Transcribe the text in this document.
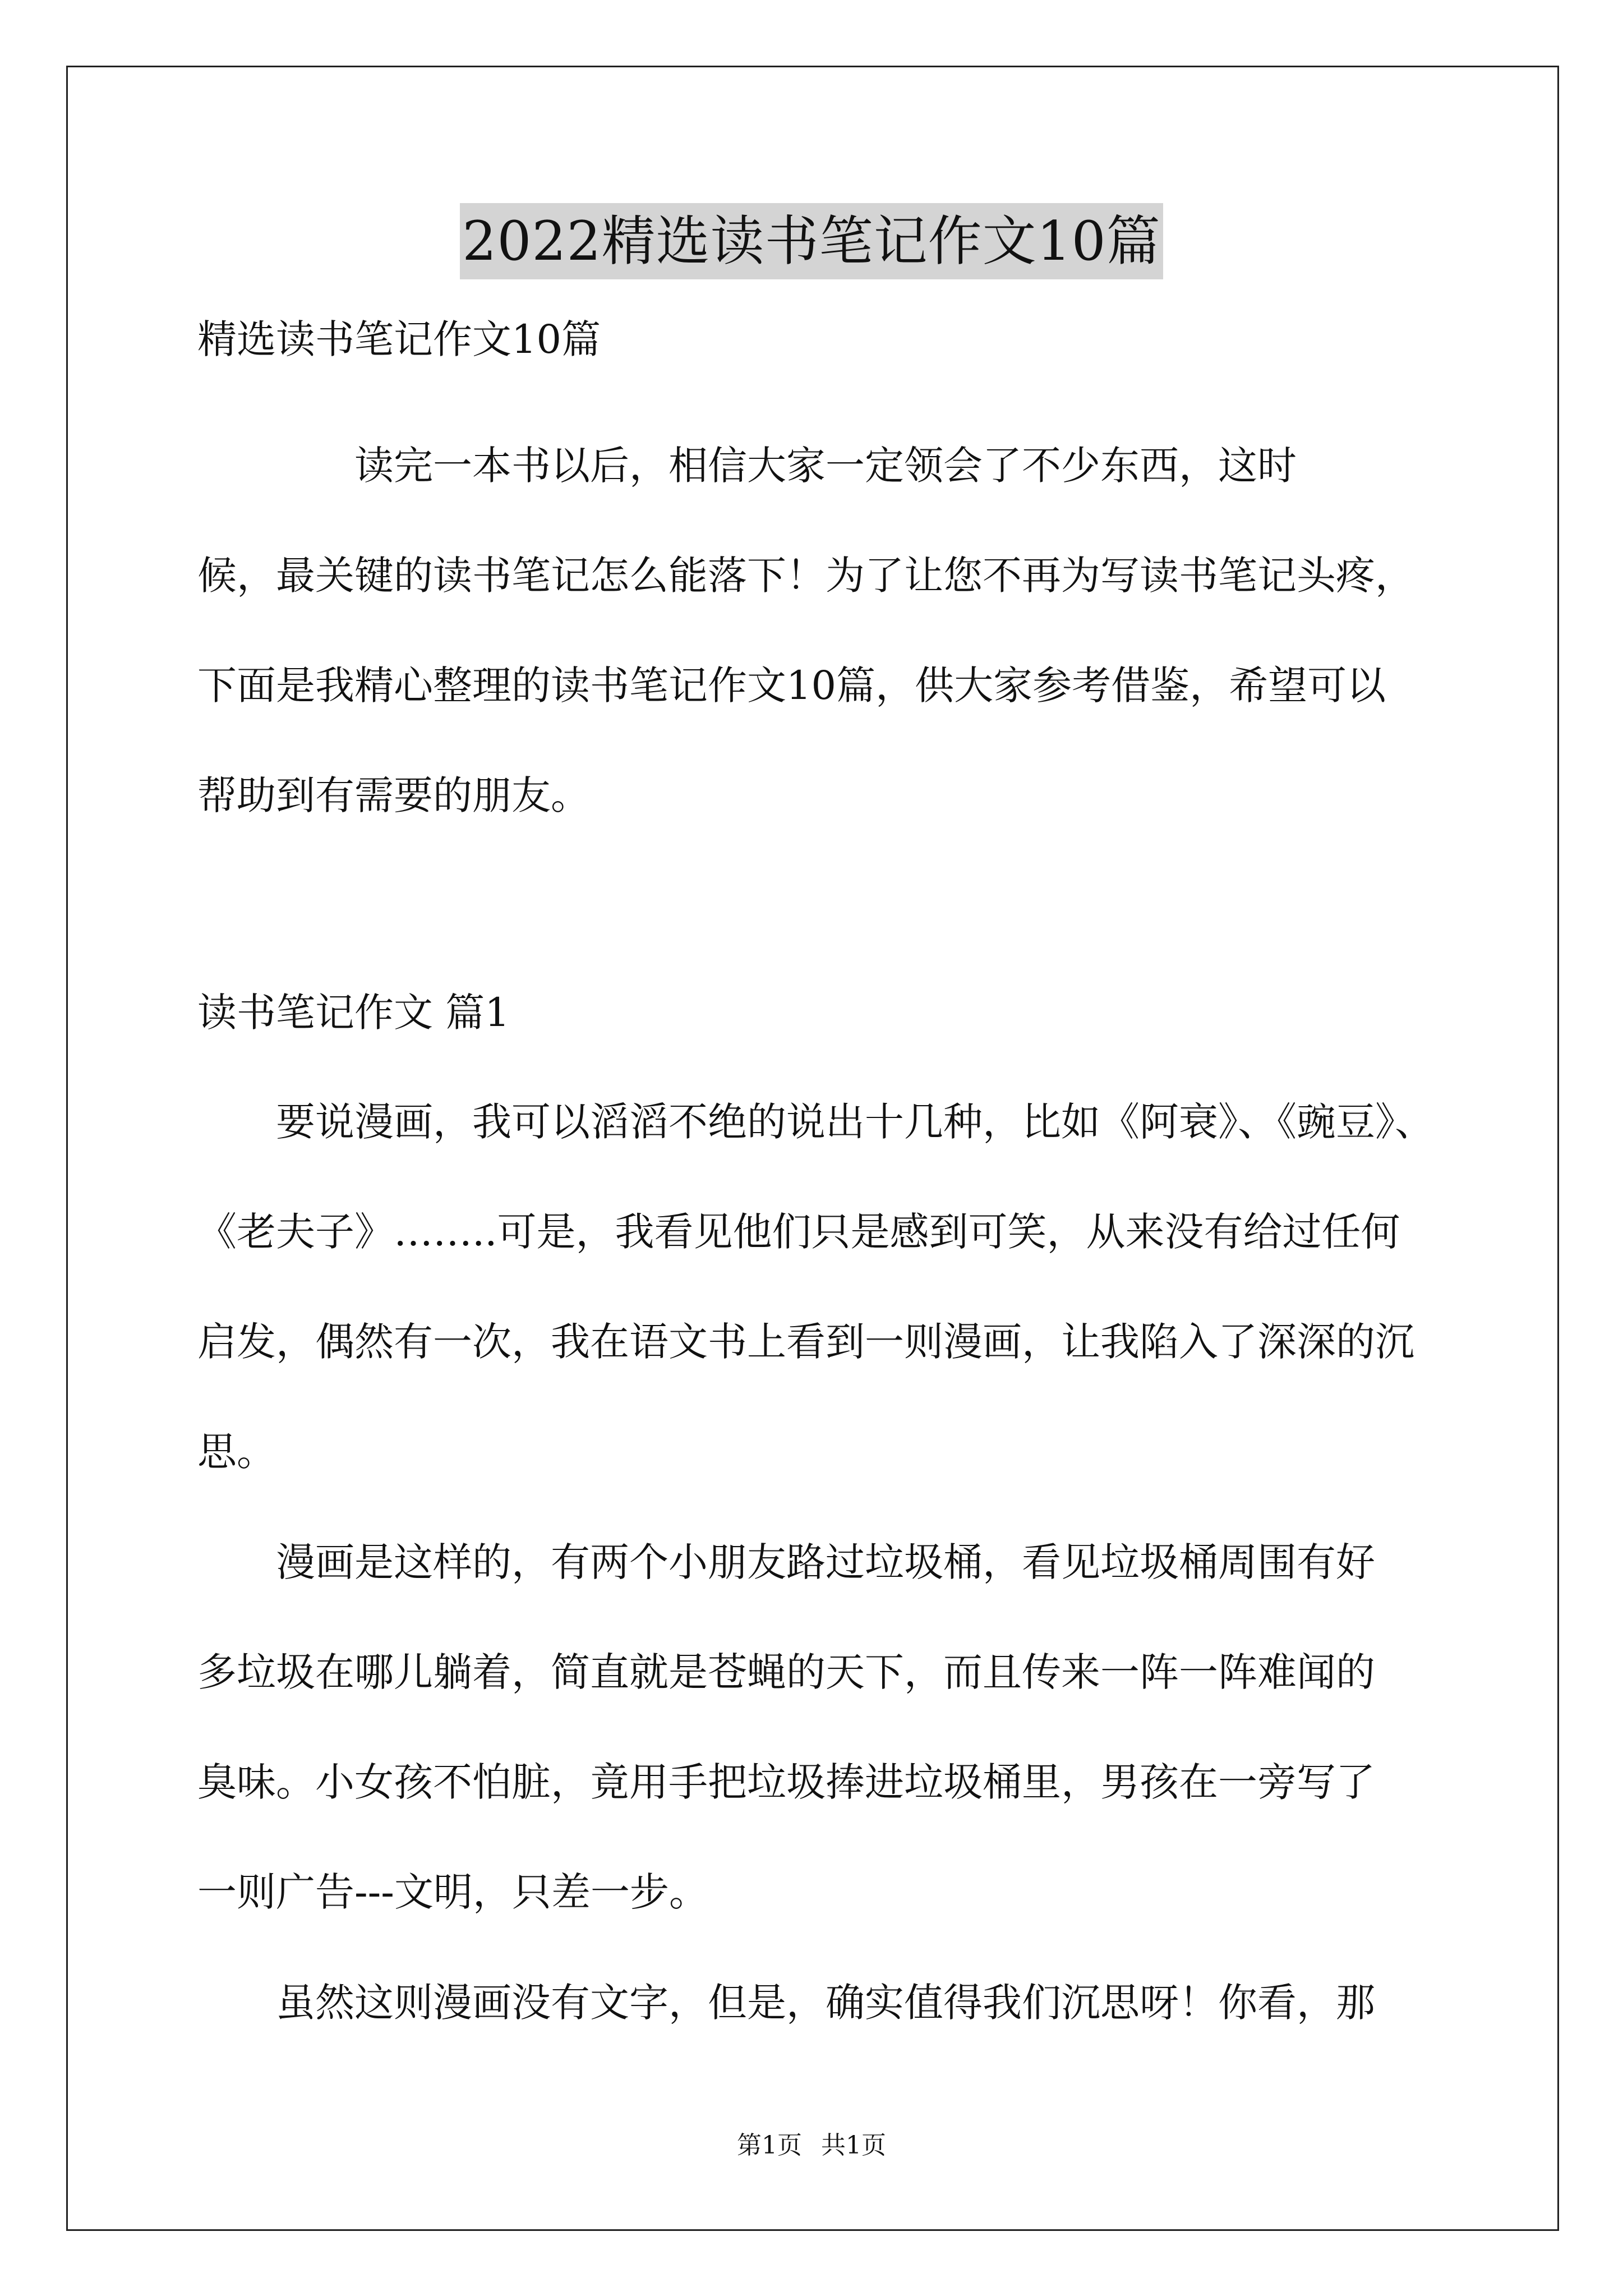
2022精选读书笔记作文10篇
精选读书笔记作文10篇
　　　　读完一本书以后，相信大家一定领会了不少东西，这时
候，最关键的读书笔记怎么能落下！为了让您不再为写读书笔记头疼，
下面是我精心整理的读书笔记作文10篇，供大家参考借鉴，希望可以
帮助到有需要的朋友。
读书笔记作文 篇1
　　要说漫画，我可以滔滔不绝的说出十几种，比如《阿衰》、《豌豆》、
《老夫子》……..可是，我看见他们只是感到可笑，从来没有给过任何
启发，偶然有一次，我在语文书上看到一则漫画，让我陷入了深深的沉
思。
　　漫画是这样的，有两个小朋友路过垃圾桶，看见垃圾桶周围有好
多垃圾在哪儿躺着，简直就是苍蝇的天下，而且传来一阵一阵难闻的
臭味。小女孩不怕脏，竟用手把垃圾捧进垃圾桶里，男孩在一旁写了
一则广告---文明，只差一步。
　　虽然这则漫画没有文字，但是，确实值得我们沉思呀！你看，那
第1页 共1页
